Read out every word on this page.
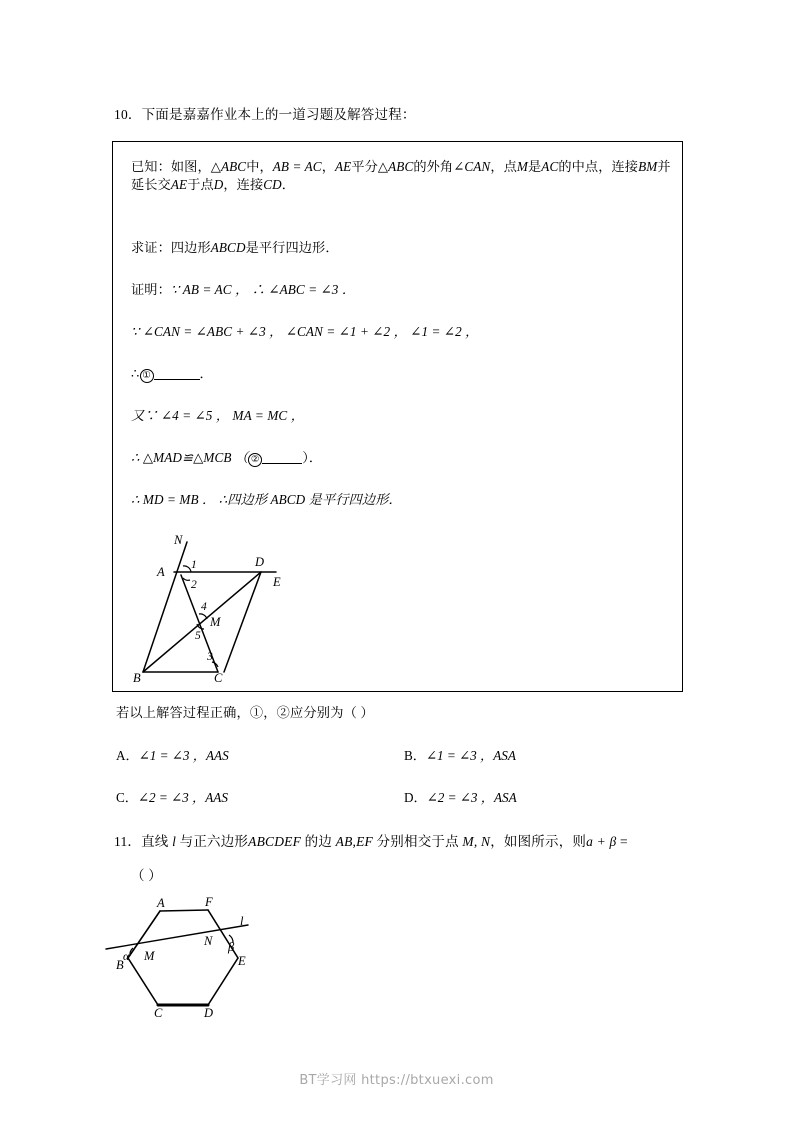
10．下面是嘉嘉作业本上的一道习题及解答过程：
已知：如图，△ABC中，AB = AC，AE平分△ABC的外角∠CAN，点M是AC的中点，连接BM并延长交AE于点D，连接CD．
求证：四边形ABCD是平行四边形．
证明：∵ AB = AC ， ∴ ∠ABC = ∠3 ．
∵ ∠CAN = ∠ABC + ∠3 ， ∠CAN = ∠1 + ∠2 ， ∠1 = ∠2 ，
∴ ①	．
又∵ ∠4 = ∠5 ， MA = MC ，
∴ △MAD≌△MCB （ ②	）．
∴ MD = MB ． ∴四边形 ABCD 是平行四边形．
N
A
D
E
M
B	C
1
2
4
5
3
若以上解答过程正确，①，②应分别为（ ）
A．∠1 = ∠3 ，AAS	B．∠1 = ∠3 ，ASA
C．∠2 = ∠3 ，AAS	D．∠2 = ∠3 ，ASA
11．直线 l 与正六边形ABCDEF 的边 AB,EF 分别相交于点 M, N，如图所示，则a + β =
（ ）
A	F
l
M
N β
α
B	E
C	D
BT学习网 https://btxuexi.com
